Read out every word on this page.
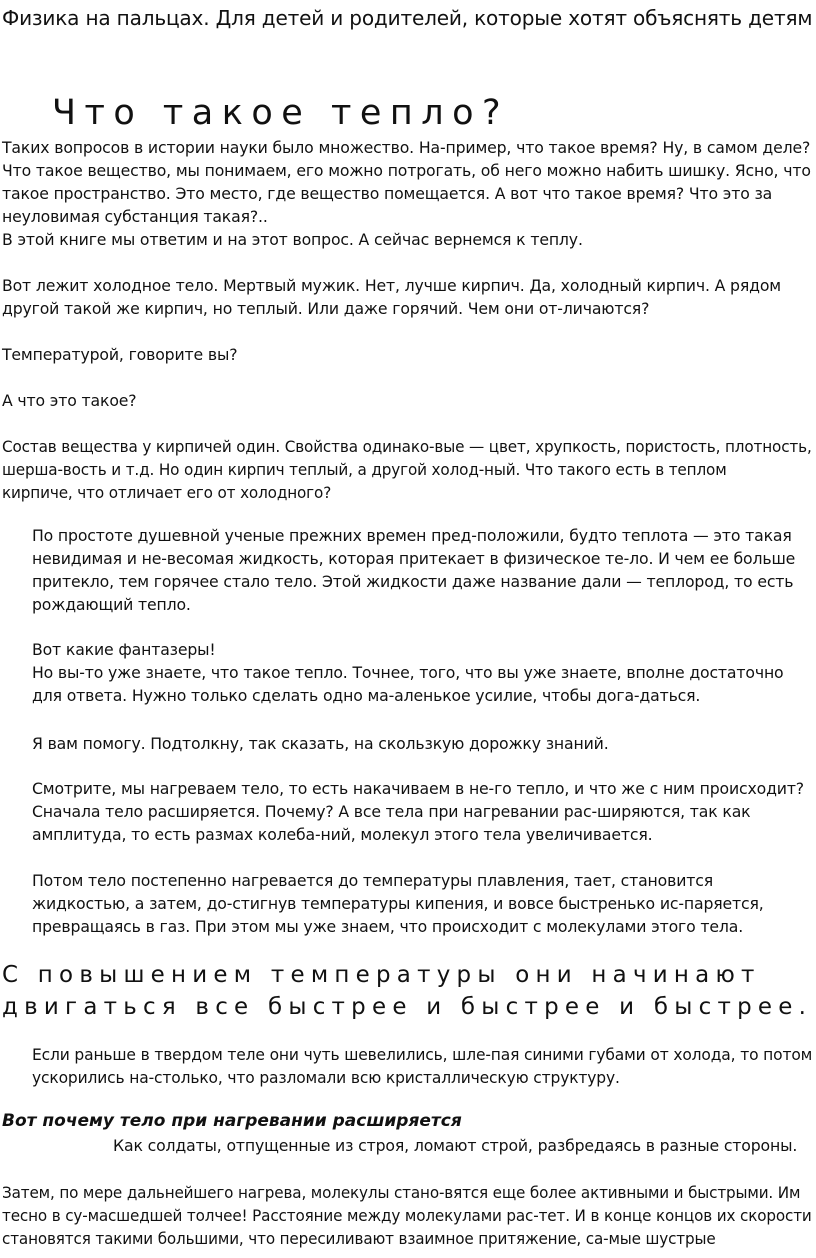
Физика на пальцах. Для детей и родителей, которые хотят объяснять детям
Что такое тепло?
Таких вопросов в истории науки было множество. На-пример, что такое время? Ну, в самом деле?
Что такое вещество, мы понимаем, его можно потрогать, об него можно набить шишку. Ясно, что
такое пространство. Это место, где вещество помещается. А вот что такое время? Что это за
неуловимая субстанция такая?..
В этой книге мы ответим и на этот вопрос. А сейчас вернемся к теплу.
Вот лежит холодное тело. Мертвый мужик. Нет, лучше кирпич. Да, холодный кирпич. А рядом
другой такой же кирпич, но теплый. Или даже горячий. Чем они от-личаются?
Температурой, говорите вы?
А что это такое?
Состав вещества у кирпичей один. Свойства одинако-вые — цвет, хрупкость, пористость, плотность,
шерша-вость и т.д. Но один кирпич теплый, а другой холод-ный. Что такого есть в теплом
кирпиче, что отличает его от холодного?
По простоте душевной ученые прежних времен пред-положили, будто теплота — это такая
невидимая и не-весомая жидкость, которая притекает в физическое те-ло. И чем ее больше
притекло, тем горячее стало тело. Этой жидкости даже название дали — теплород, то есть
рождающий тепло.
Вот какие фантазеры!
Но вы-то уже знаете, что такое тепло. Точнее, того, что вы уже знаете, вполне достаточно
для ответа. Нужно только сделать одно ма-аленькое усилие, чтобы дога-даться.
Я вам помогу. Подтолкну, так сказать, на скользкую дорожку знаний.
Смотрите, мы нагреваем тело, то есть накачиваем в не-го тепло, и что же с ним происходит?
Сначала тело расширяется. Почему? А все тела при нагревании рас-ширяются, так как
амплитуда, то есть размах колеба-ний, молекул этого тела увеличивается.
Потом тело постепенно нагревается до температуры плавления, тает, становится
жидкостью, а затем, до-стигнув температуры кипения, и вовсе быстренько ис-паряется,
превращаясь в газ. При этом мы уже знаем, что происходит с молекулами этого тела.
С повышением температуры они начинают
двигаться все быстрее и быстрее и быстрее.
Если раньше в твердом теле они чуть шевелились, шле-пая синими губами от холода, то потом
ускорились на-столько, что разломали всю кристаллическую структуру.
Вот почему тело при нагревании расширяется
Как солдаты, отпущенные из строя, ломают строй, разбредаясь в разные стороны.
Затем, по мере дальнейшего нагрева, молекулы стано-вятся еще более активными и быстрыми. Им
тесно в су-масшедшей толчее! Расстояние между молекулами рас-тет. И в конце концов их скорости
становятся такими большими, что пересиливают взаимное притяжение, са-мые шустрые
